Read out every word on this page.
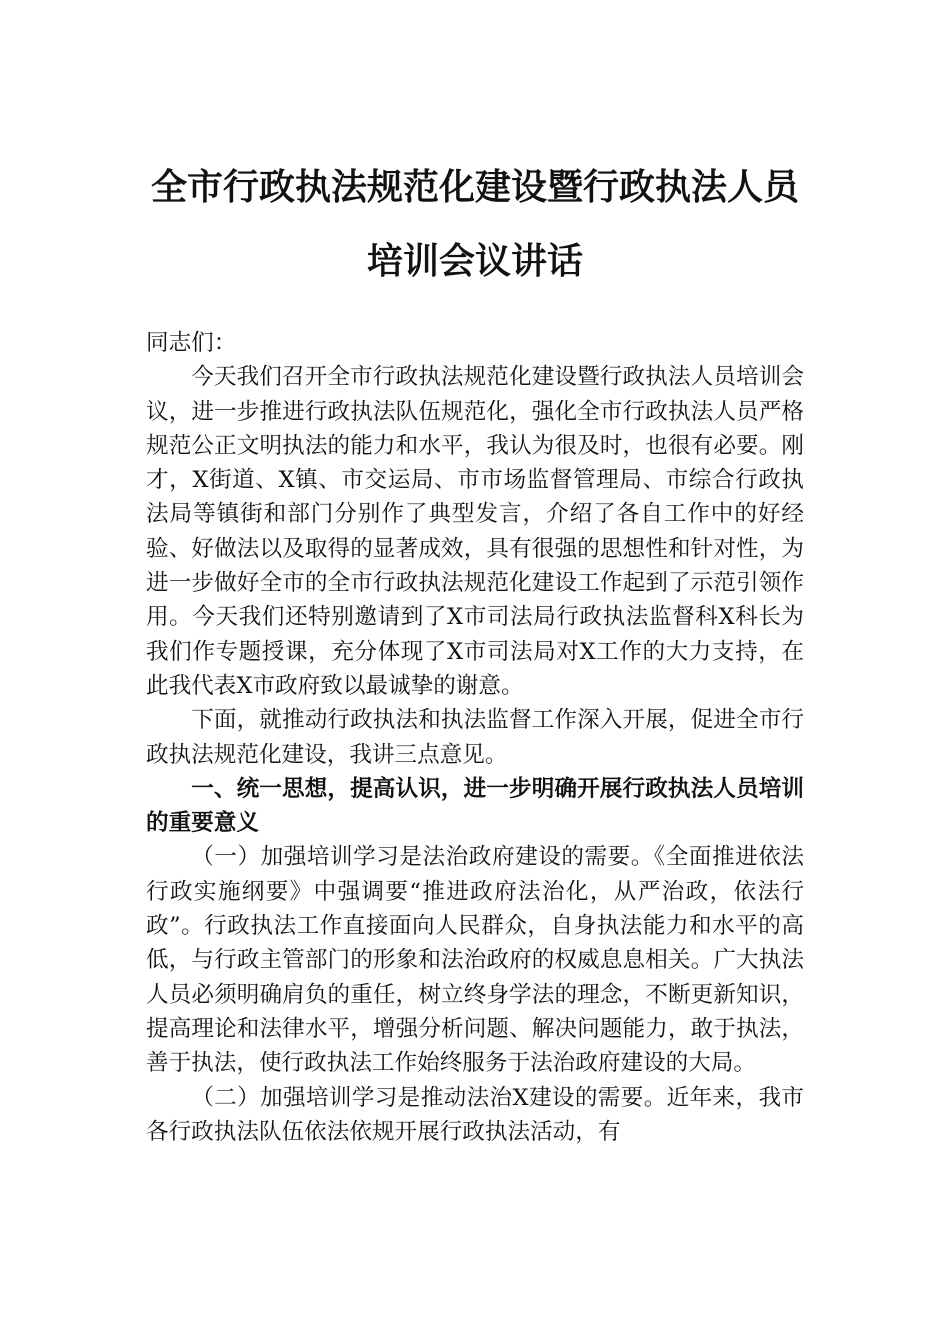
全市行政执法规范化建设暨行政执法人员
培训会议讲话

同志们：

今天我们召开全市行政执法规范化建设暨行政执法人员培训会议，进一步推进行政执法队伍规范化，强化全市行政执法人员严格规范公正文明执法的能力和水平，我认为很及时，也很有必要。刚才，X街道、X镇、市交运局、市市场监督管理局、市综合行政执法局等镇街和部门分别作了典型发言，介绍了各自工作中的好经验、好做法以及取得的显著成效，具有很强的思想性和针对性，为进一步做好全市的全市行政执法规范化建设工作起到了示范引领作用。今天我们还特别邀请到了X市司法局行政执法监督科X科长为我们作专题授课，充分体现了X市司法局对X工作的大力支持，在此我代表X市政府致以最诚挚的谢意。

下面，就推动行政执法和执法监督工作深入开展，促进全市行政执法规范化建设，我讲三点意见。

一、统一思想，提高认识，进一步明确开展行政执法人员培训的重要意义

（一）加强培训学习是法治政府建设的需要。《全面推进依法行政实施纲要》中强调要“推进政府法治化，从严治政，依法行政”。行政执法工作直接面向人民群众，自身执法能力和水平的高低，与行政主管部门的形象和法治政府的权威息息相关。广大执法人员必须明确肩负的重任，树立终身学法的理念，不断更新知识，提高理论和法律水平，增强分析问题、解决问题能力，敢于执法，善于执法，使行政执法工作始终服务于法治政府建设的大局。

（二）加强培训学习是推动法治X建设的需要。近年来，我市各行政执法队伍依法依规开展行政执法活动，有
